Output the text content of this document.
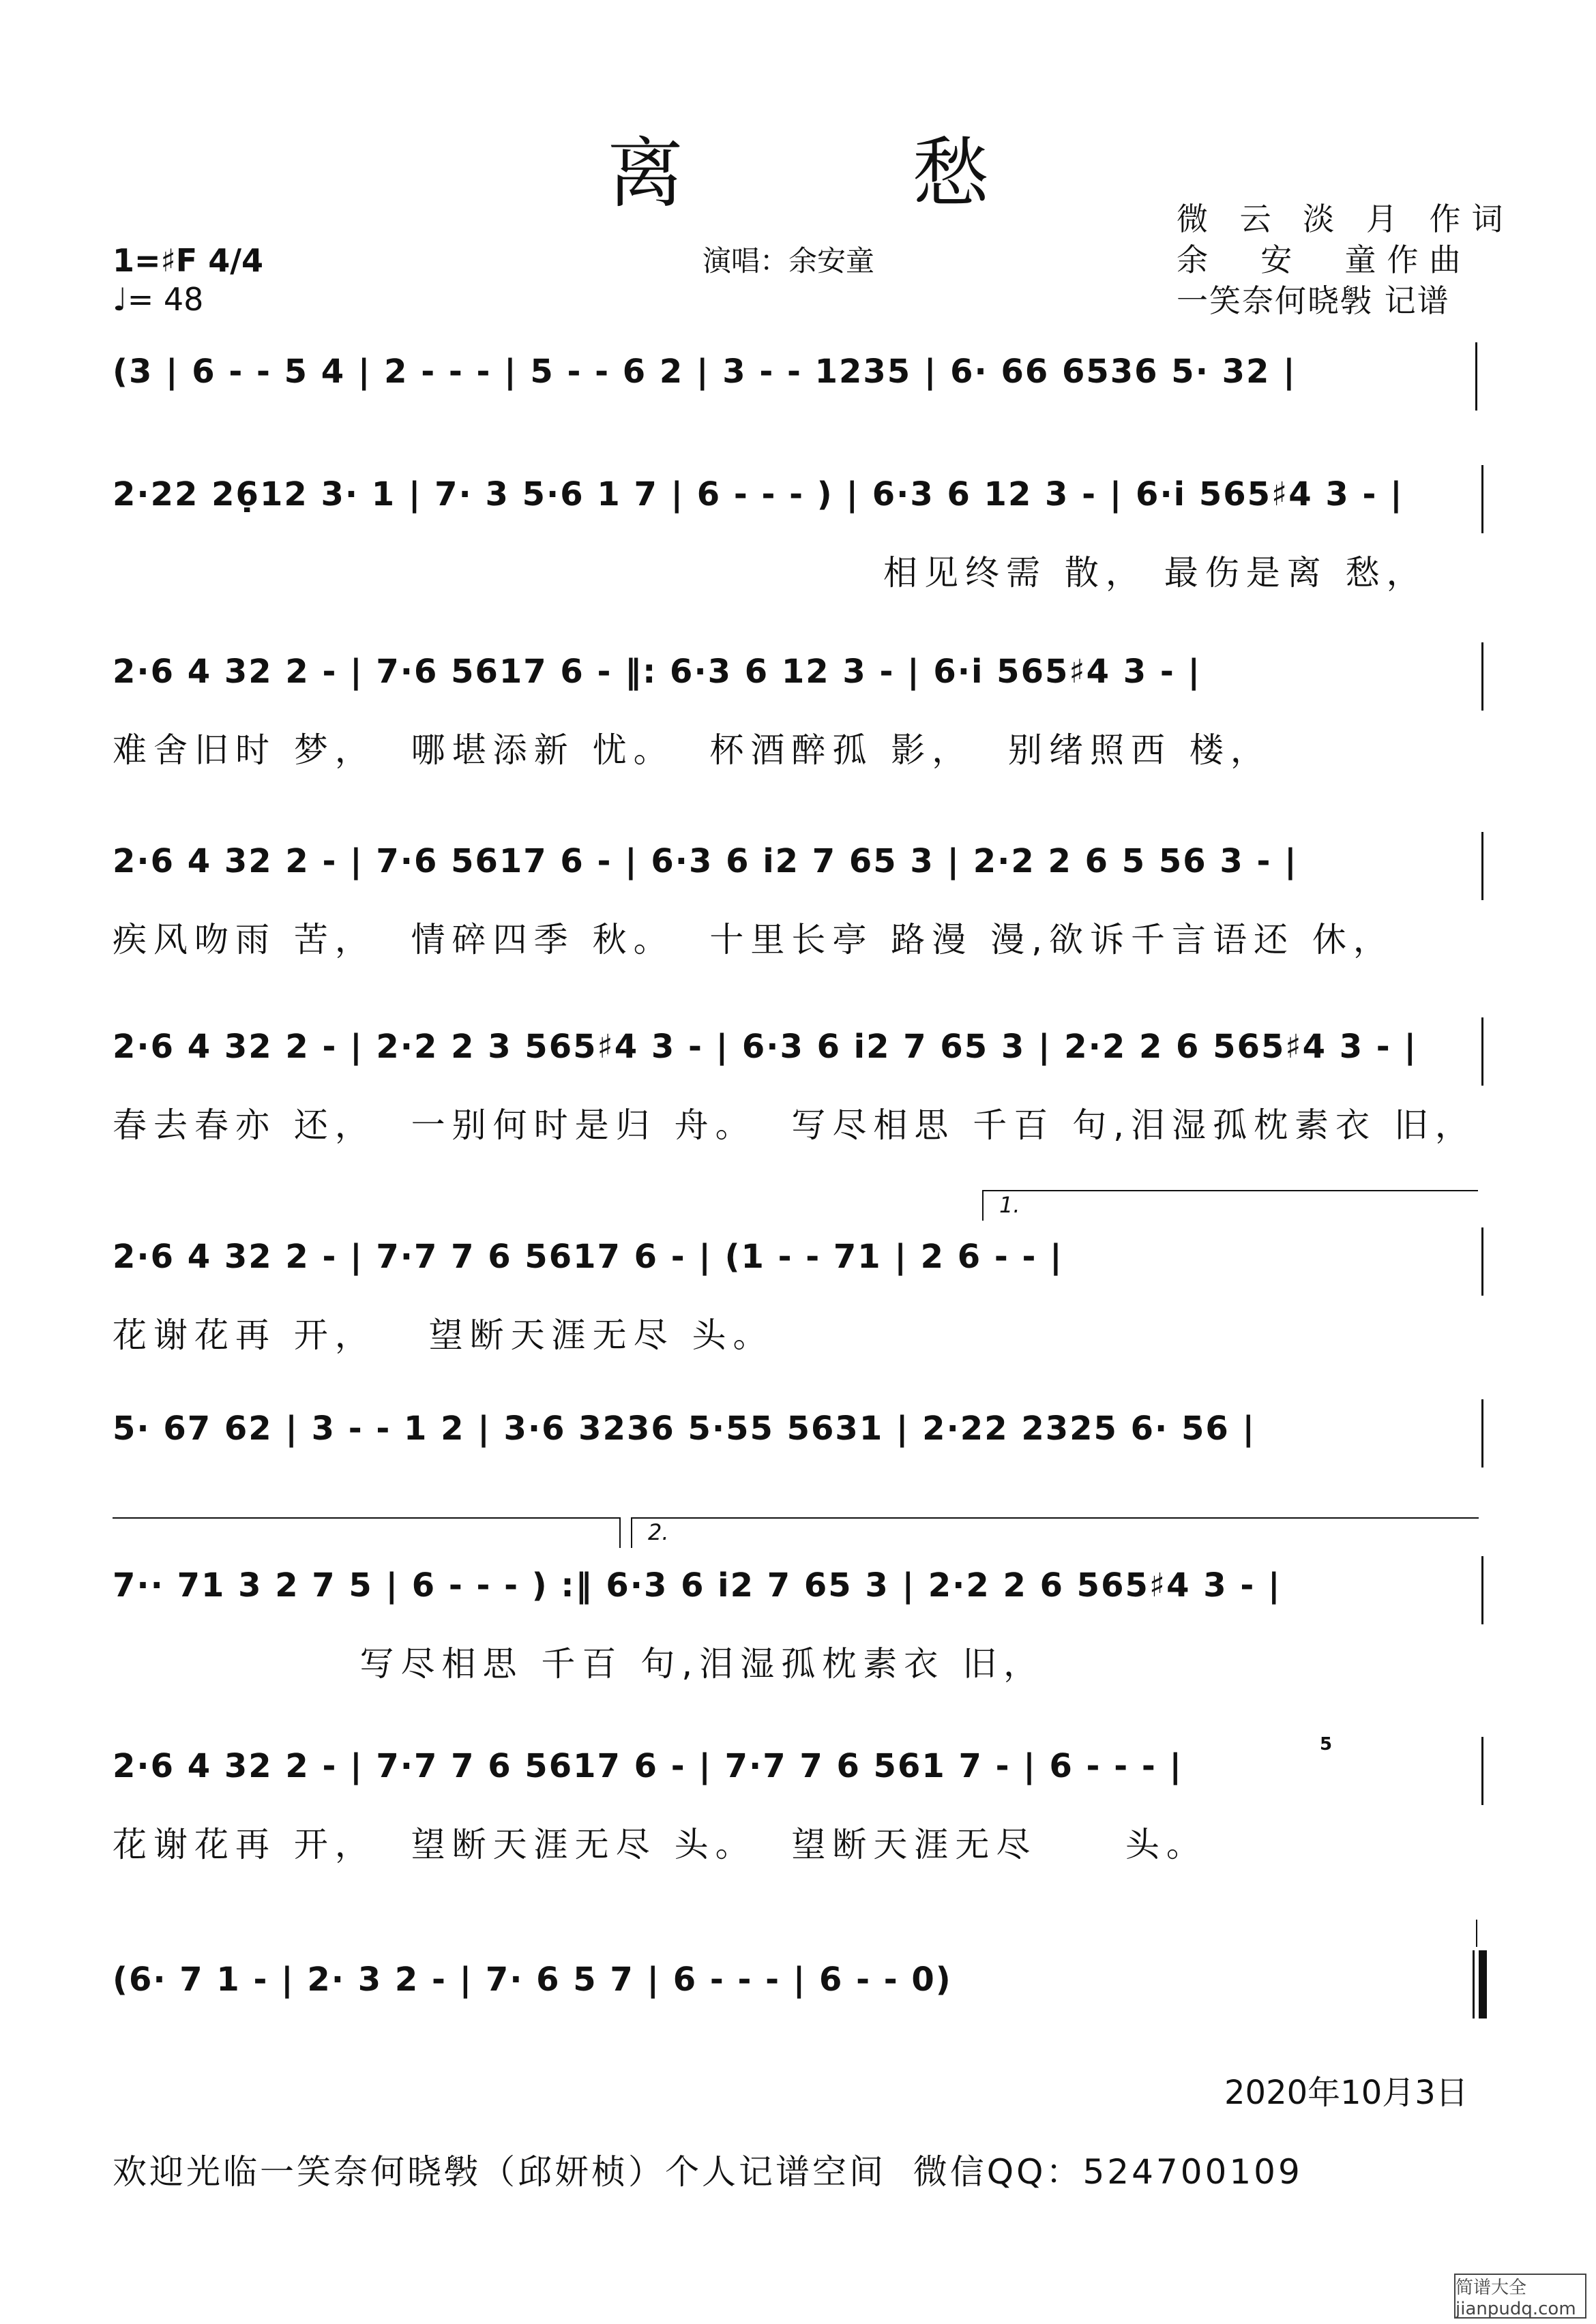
离 愁
演唱：余安童
微 云 淡 月 作词
余  安  童作曲
一笑奈何晓斅 记谱
1=♯F 4/4
♩= 48
(3 | 6 - - 5 4 | 2 - - - | 5 - - 6 2 | 3 - - 1235 | 6· 66 6536 5· 32 |
2·22 26̣12 3· 1 | 7· 3 5·6 1 7 | 6 - - - ) | 6·3 6 12 3 - | 6·i 565♯4 3 - |
相见终需 散， 最伤是离 愁，
2·6 4 32 2 - | 7·6 5617 6 - ‖: 6·3 6 12 3 - | 6·i 565♯4 3 - |
难舍旧时 梦，  哪堪添新 忧。  杯酒醉孤 影，  别绪照西 楼，
2·6 4 32 2 - | 7·6 5617 6 - | 6·3 6 i2 7 65 3 | 2·2 2 6 5 56 3 - |
疾风吻雨 苦，  情碎四季 秋。  十里长亭 路漫 漫,欲诉千言语还 休，
2·6 4 32 2 - | 2·2 2 3 565♯4 3 - | 6·3 6 i2 7 65 3 | 2·2 2 6 565♯4 3 - |
春去春亦 还，  一别何时是归 舟。  写尽相思 千百 句,泪湿孤枕素衣 旧，
1.
2·6 4 32 2 - | 7·7 7 6 5617 6 - | (1 - - 71 | 2 6 - - |
花谢花再 开，   望断天涯无尽 头。
5· 67 62 | 3 - - 1 2 | 3·6 3236 5·55 5631 | 2·22 2325 6· 56 |
2.
7·· 71 3 2 7 5 | 6 - - - ) :‖ 6·3 6 i2 7 65 3 | 2·2 2 6 565♯4 3 - |
写尽相思 千百 句,泪湿孤枕素衣 旧，
2·6 4 32 2 - | 7·7 7 6 5617 6 - | 7·7 7 6 561 7 - | 6 - - - |
花谢花再 开，  望断天涯无尽 头。  望断天涯无尽     头。
5
(6· 7 1 - | 2· 3 2 - | 7· 6 5 7 | 6 - - - | 6 - - 0)
2020年10月3日
欢迎光临一笑奈何晓斅（邱妍桢）个人记谱空间  微信QQ：524700109
简谱大全 jianpudq.com
